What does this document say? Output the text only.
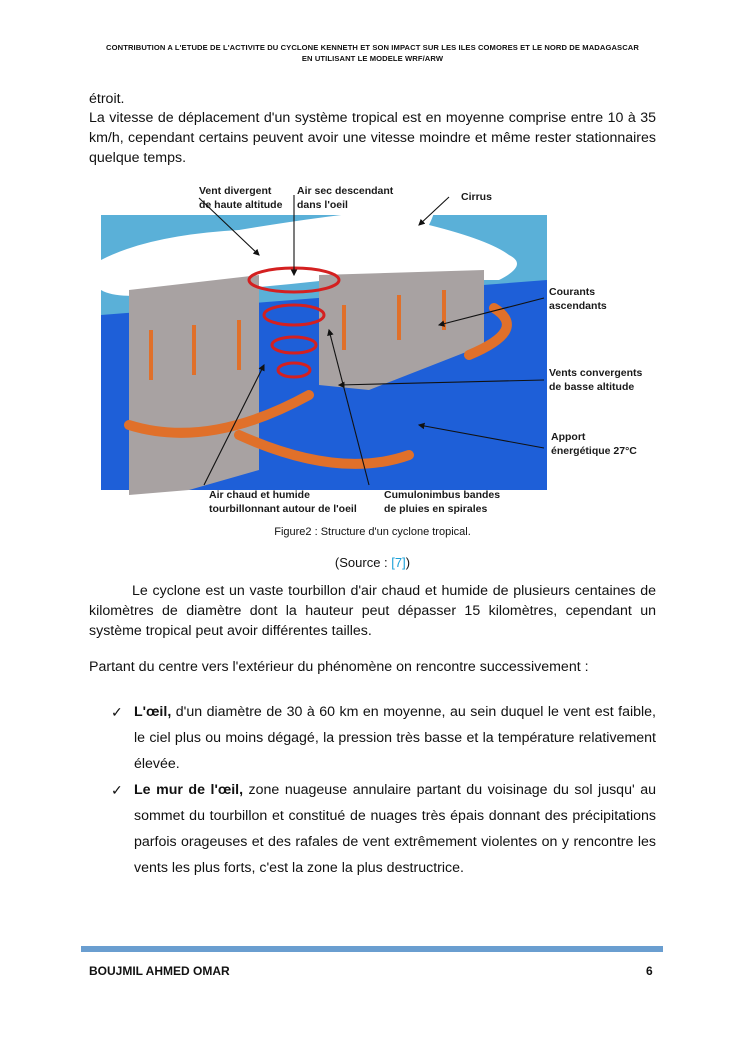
CONTRIBUTION A L'ETUDE DE L'ACTIVITE DU CYCLONE KENNETH ET SON IMPACT SUR LES ILES COMORES ET LE NORD DE MADAGASCAR
EN UTILISANT LE MODELE WRF/ARW
étroit.
La vitesse de déplacement d'un système tropical est en moyenne comprise entre 10 à 35 km/h, cependant certains peuvent avoir une vitesse moindre et même rester stationnaires quelque temps.
Vent divergent
de haute altitude
Air sec descendant
dans l'oeil
Cirrus
Courants
ascendants
Vents convergents
de basse altitude
Apport
énergétique 27°C
Air chaud et humide
tourbillonnant autour de l'oeil
Cumulonimbus bandes
de pluies en spirales
Figure2 : Structure d'un cyclone tropical.
(Source : [7])
Le cyclone est un vaste tourbillon d'air chaud et humide de plusieurs centaines de kilomètres de diamètre dont la hauteur peut dépasser 15 kilomètres, cependant un système tropical peut avoir différentes tailles.
Partant du centre vers l'extérieur du phénomène on rencontre successivement :
✓ L'œil, d'un diamètre de 30 à 60 km en moyenne, au sein duquel le vent est faible, le ciel plus ou moins dégagé, la pression très basse et la température relativement élevée.
✓ Le mur de l'œil, zone nuageuse annulaire partant du voisinage du sol jusqu' au sommet du tourbillon et constitué de nuages très épais donnant des précipitations parfois orageuses et des rafales de vent extrêmement violentes on y rencontre les vents les plus forts, c'est la zone la plus destructrice.
BOUJMIL AHMED OMAR	6
